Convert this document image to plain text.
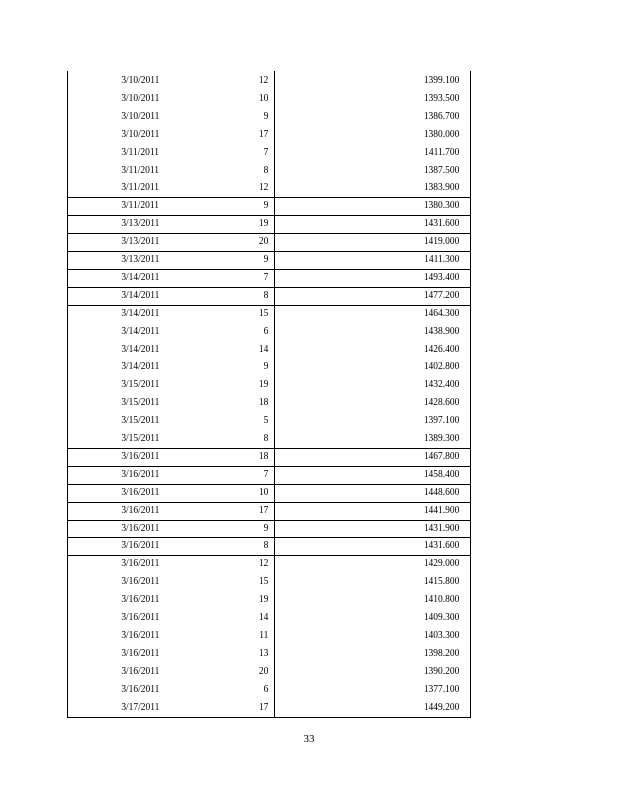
3/10/2011	12	1399.100
3/10/2011	10	1393.500
3/10/2011	9	1386.700
3/10/2011	17	1380.000
3/11/2011	7	1411.700
3/11/2011	8	1387.500
3/11/2011	12	1383.900
3/11/2011	9	1380.300
3/13/2011	19	1431.600
3/13/2011	20	1419.000
3/13/2011	9	1411.300
3/14/2011	7	1493.400
3/14/2011	8	1477.200
3/14/2011	15	1464.300
3/14/2011	6	1438.900
3/14/2011	14	1426.400
3/14/2011	9	1402.800
3/15/2011	19	1432.400
3/15/2011	18	1428.600
3/15/2011	5	1397.100
3/15/2011	8	1389.300
3/16/2011	18	1467.800
3/16/2011	7	1458.400
3/16/2011	10	1448.600
3/16/2011	17	1441.900
3/16/2011	9	1431.900
3/16/2011	8	1431.600
3/16/2011	12	1429.000
3/16/2011	15	1415.800
3/16/2011	19	1410.800
3/16/2011	14	1409.300
3/16/2011	11	1403.300
3/16/2011	13	1398.200
3/16/2011	20	1390.200
3/16/2011	6	1377.100
3/17/2011	17	1449.200
33
